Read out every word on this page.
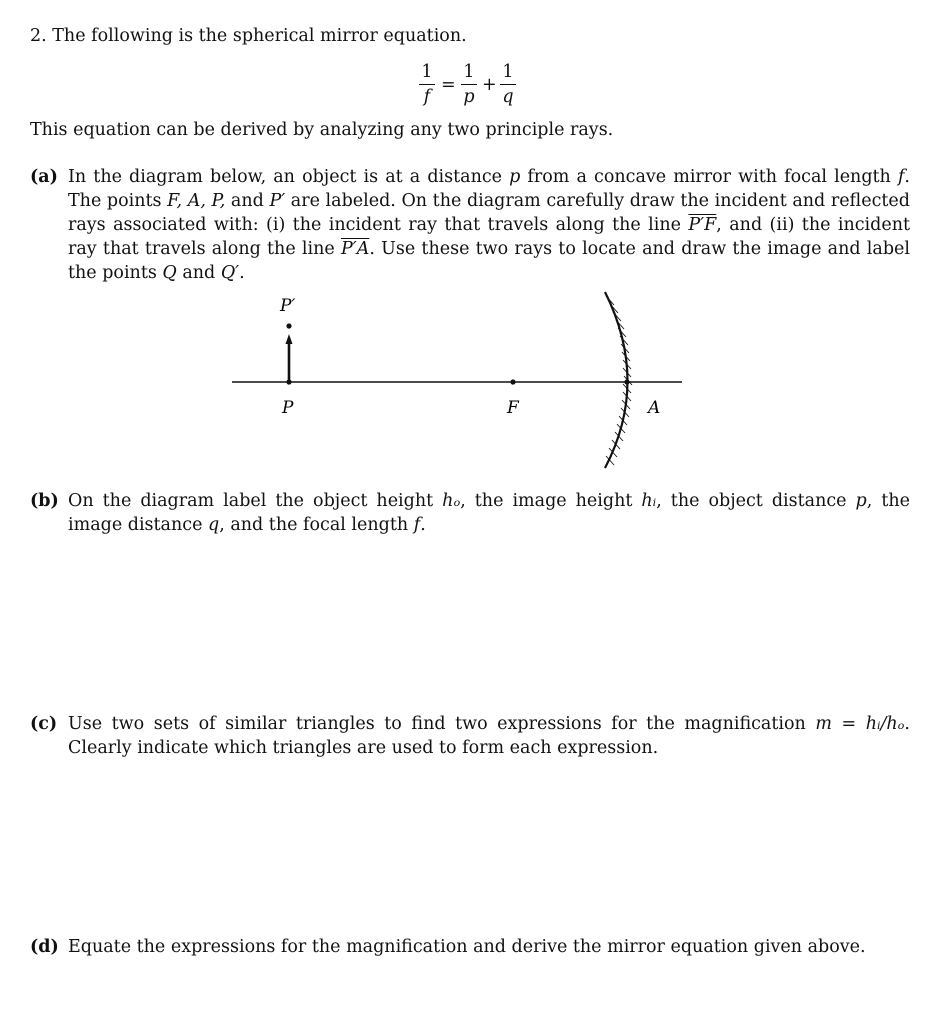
2. The following is the spherical mirror equation.
1
f
=
1
p
+
1
q
This equation can be derived by analyzing any two principle rays.
(a) In the diagram below, an object is at a distance p from a concave mirror with focal length f. The points F, A, P, and P′ are labeled. On the diagram carefully draw the incident and reflected rays associated with: (i) the incident ray that travels along the line P′F, and (ii) the incident ray that travels along the line P′A. Use these two rays to locate and draw the image and label the points Q and Q′.
P′
P	F	A
(b) On the diagram label the object height hₒ, the image height hᵢ, the object distance p, the image distance q, and the focal length f.
(c) Use two sets of similar triangles to find two expressions for the magnification m = hᵢ/hₒ. Clearly indicate which triangles are used to form each expression.
(d) Equate the expressions for the magnification and derive the mirror equation given above.
